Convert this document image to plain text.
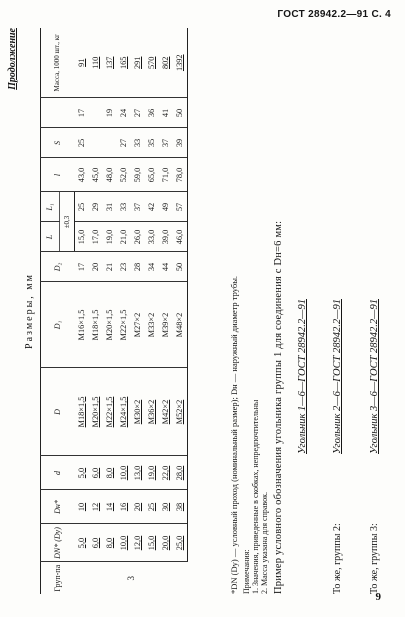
ГОСТ 28942.2—91 С. 4
Продолжение
Размеры, мм
Груп-па	DN* (Dу)	Dн*	d	D	D₁	D₂	L	L₁	l	S		Масса, 1000 шт., кг
							±0,3					
3	5,0	10	5,0	M18×1,5	M16×1,5	17	15,0	25	43,0	25	17	91
	6,0	12	6,0	M20×1,5	M18×1,5	20	17,0	29	45,0			110
	8,0	14	8,0	M22×1,5	M20×1,5	21	19,0	31	48,0		19	137
	10,0	16	10,0	M24×1,5	M22×1,5	23	21,0	33	52,0	27	24	165
	12,0	20	13,0	M30×2	M27×2	28	26,0	37	59,0	33	27	291
	15,0	25	19,0	M36×2	M33×2	34	33,0	42	65,0	35	36	570
	20,0	30	22,0	M42×2	M39×2	44	39,0	49	71,0	37	41	802
	25,0	38	28,0	M52×2	M48×2	50	46,0	57	78,0	39	50	1392
*DN (Dу) — условный проход (номинальный размер); Dн — наружный диаметр трубы. Примечания: 1. Значения, приведенные в скобках, непредпочтительны 2. Масса указана для справок. Пример условного обозначения угольника группы 1 для соединения с Dн=6 мм: Угольник 1—6—ГОСТ 28942.2—91
То же, группы 2:
Угольник 2—6—ГОСТ 28942.2—91
То же, группы 3:
Угольник 3—6—ГОСТ 28942.2—91
9
